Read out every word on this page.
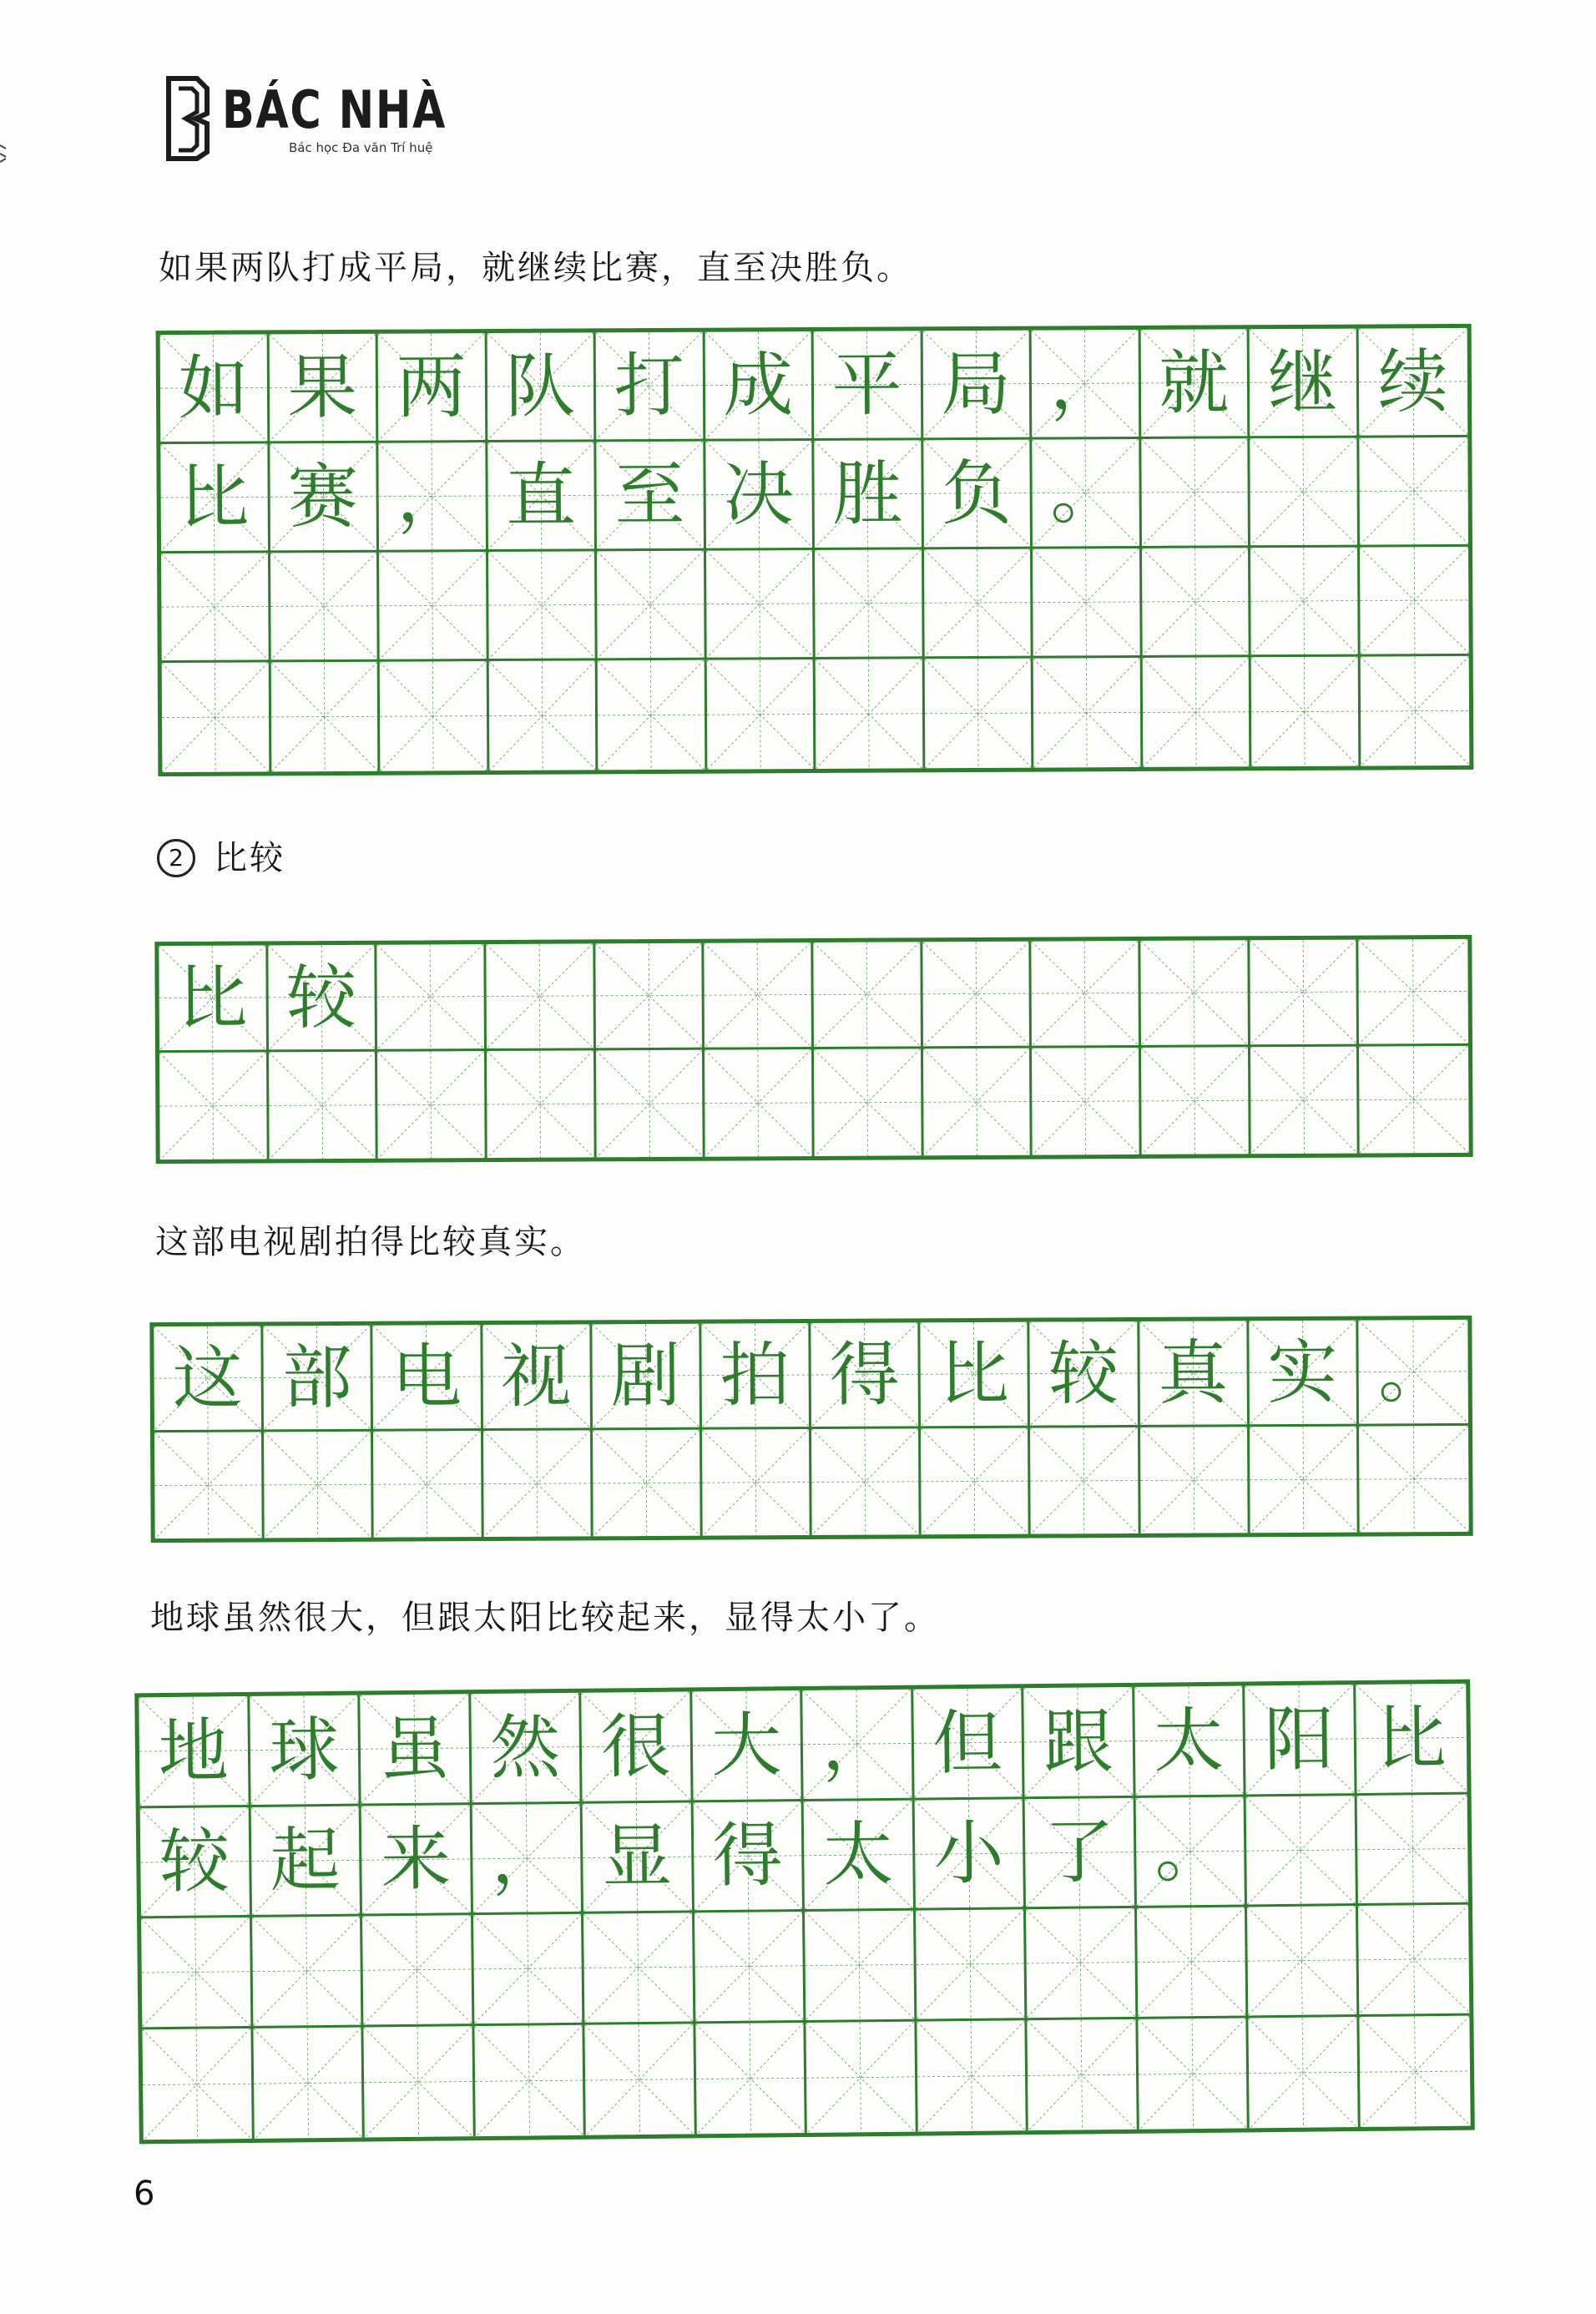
BÁC NHÀ
Bác học Đa văn Trí huệ
如果两队打成平局，就继续比赛，直至决胜负。
如 果 两 队 打 成 平 局 ， 就 继 续
比 赛 ， 直 至 决 胜 负 。
2 比较
比 较
这部电视剧拍得比较真实。
这 部 电 视 剧 拍 得 比 较 真 实 。
地球虽然很大，但跟太阳比较起来，显得太小了。
地 球 虽 然 很 大 ， 但 跟 太 阳 比
较 起 来 ， 显 得 太 小 了 。
6
